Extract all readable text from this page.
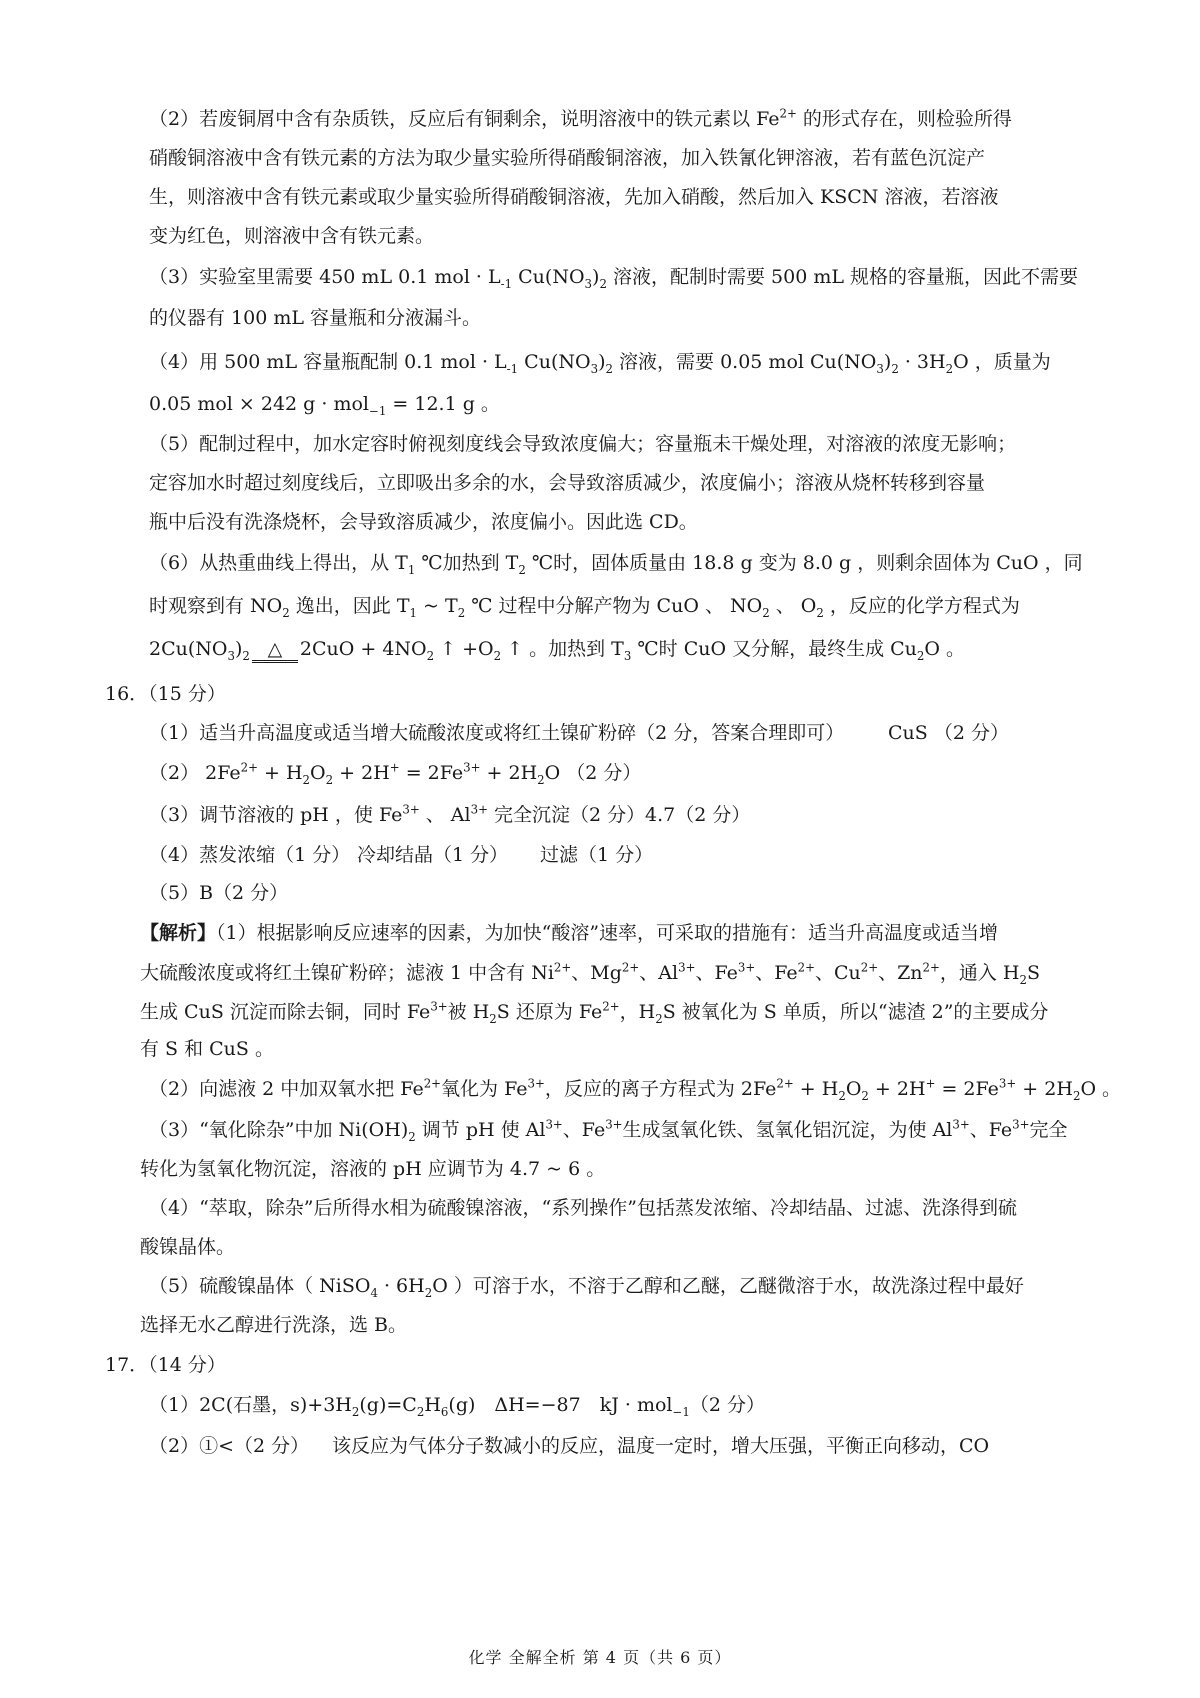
（2）若废铜屑中含有杂质铁，反应后有铜剩余，说明溶液中的铁元素以 $Fe^{2+}$ 的形式存在，则检验所得
硝酸铜溶液中含有铁元素的方法为取少量实验所得硝酸铜溶液，加入铁氰化钾溶液，若有蓝色沉淀产
生，则溶液中含有铁元素或取少量实验所得硝酸铜溶液，先加入硝酸，然后加入 KSCN 溶液，若溶液
变为红色，则溶液中含有铁元素。
（3）实验室里需要 450 mL 0.1 mol · $L_{-1}$ $Cu(NO_3)_2$ 溶液，配制时需要 500 mL 规格的容量瓶，因此不需要
的仪器有 100 mL 容量瓶和分液漏斗。
（4）用 500 mL 容量瓶配制 0.1 mol · $L_{-1}$ $Cu(NO_3)_2$ 溶液，需要 0.05 mol $Cu(NO_3)_2 \cdot 3H_2O$ ，质量为
0.05 mol × 242 g · mol$_{-1}$ = 12.1 g 。
（5）配制过程中，加水定容时俯视刻度线会导致浓度偏大；容量瓶未干燥处理，对溶液的浓度无影响；
定容加水时超过刻度线后，立即吸出多余的水，会导致溶质减少，浓度偏小；溶液从烧杯转移到容量
瓶中后没有洗涤烧杯，会导致溶质减少，浓度偏小。因此选 CD。
（6）从热重曲线上得出，从 $T_1$ ℃加热到 $T_2$ ℃时，固体质量由 18.8 g 变为 8.0 g ，则剩余固体为 CuO ，同
时观察到有 $NO_2$ 逸出，因此 $T_1$ ~ $T_2$ ℃ 过程中分解产物为 CuO 、 $NO_2$ 、 $O_2$ ，反应的化学方程式为
$2Cu(NO_3)_2$ △ $2CuO + 4NO_2$ ↑ $+O_2$ ↑ 。加热到 $T_3$ ℃时 CuO 又分解，最终生成 $Cu_2O$ 。
16．（15 分）
（1）适当升高温度或适当增大硫酸浓度或将红土镍矿粉碎（2 分，答案合理即可） CuS （2 分）
（2） $2Fe^{2+} + H_2O_2 + 2H^+ = 2Fe^{3+} + 2H_2O$ （2 分）
（3）调节溶液的 pH ，使 $Fe^{3+}$ 、 $Al^{3+}$ 完全沉淀（2 分） 4.7（2 分）
（4）蒸发浓缩（1 分） 冷却结晶（1 分） 过滤（1 分）
（5）B（2 分）
【解析】（1）根据影响反应速率的因素，为加快“酸溶”速率，可采取的措施有：适当升高温度或适当增
大硫酸浓度或将红土镍矿粉碎；滤液 1 中含有 $Ni^{2+}$、$Mg^{2+}$、$Al^{3+}$、$Fe^{3+}$、$Fe^{2+}$、$Cu^{2+}$、$Zn^{2+}$，通入 $H_2S$
生成 CuS 沉淀而除去铜，同时 $Fe^{3+}$被 $H_2S$ 还原为 $Fe^{2+}$，$H_2S$ 被氧化为 S 单质，所以“滤渣 2”的主要成分
有 S 和 CuS 。
（2）向滤液 2 中加双氧水把 $Fe^{2+}$氧化为 $Fe^{3+}$，反应的离子方程式为 $2Fe^{2+} + H_2O_2 + 2H^+ = 2Fe^{3+} + 2H_2O$ 。
（3）“氧化除杂”中加 $Ni(OH)_2$ 调节 pH 使 $Al^{3+}$、$Fe^{3+}$生成氢氧化铁、氢氧化铝沉淀，为使 $Al^{3+}$、$Fe^{3+}$完全
转化为氢氧化物沉淀，溶液的 pH 应调节为 4.7 ~ 6 。
（4）“萃取，除杂”后所得水相为硫酸镍溶液，“系列操作”包括蒸发浓缩、冷却结晶、过滤、洗涤得到硫
酸镍晶体。
（5）硫酸镍晶体（ NiSO$_4$ · $6H_2O$ ）可溶于水，不溶于乙醇和乙醚，乙醚微溶于水，故洗涤过程中最好
选择无水乙醇进行洗涤，选 B。
17．（14 分）
（1）2C(石墨，$s)+3H_2(g)=C_2H_6(g)$　ΔH=−87　kJ · mol$_{-1}$（2 分）
（2）①<（2 分） 该反应为气体分子数减小的反应，温度一定时，增大压强，平衡正向移动，CO
化学 全解全析 第 4 页（共 6 页）
